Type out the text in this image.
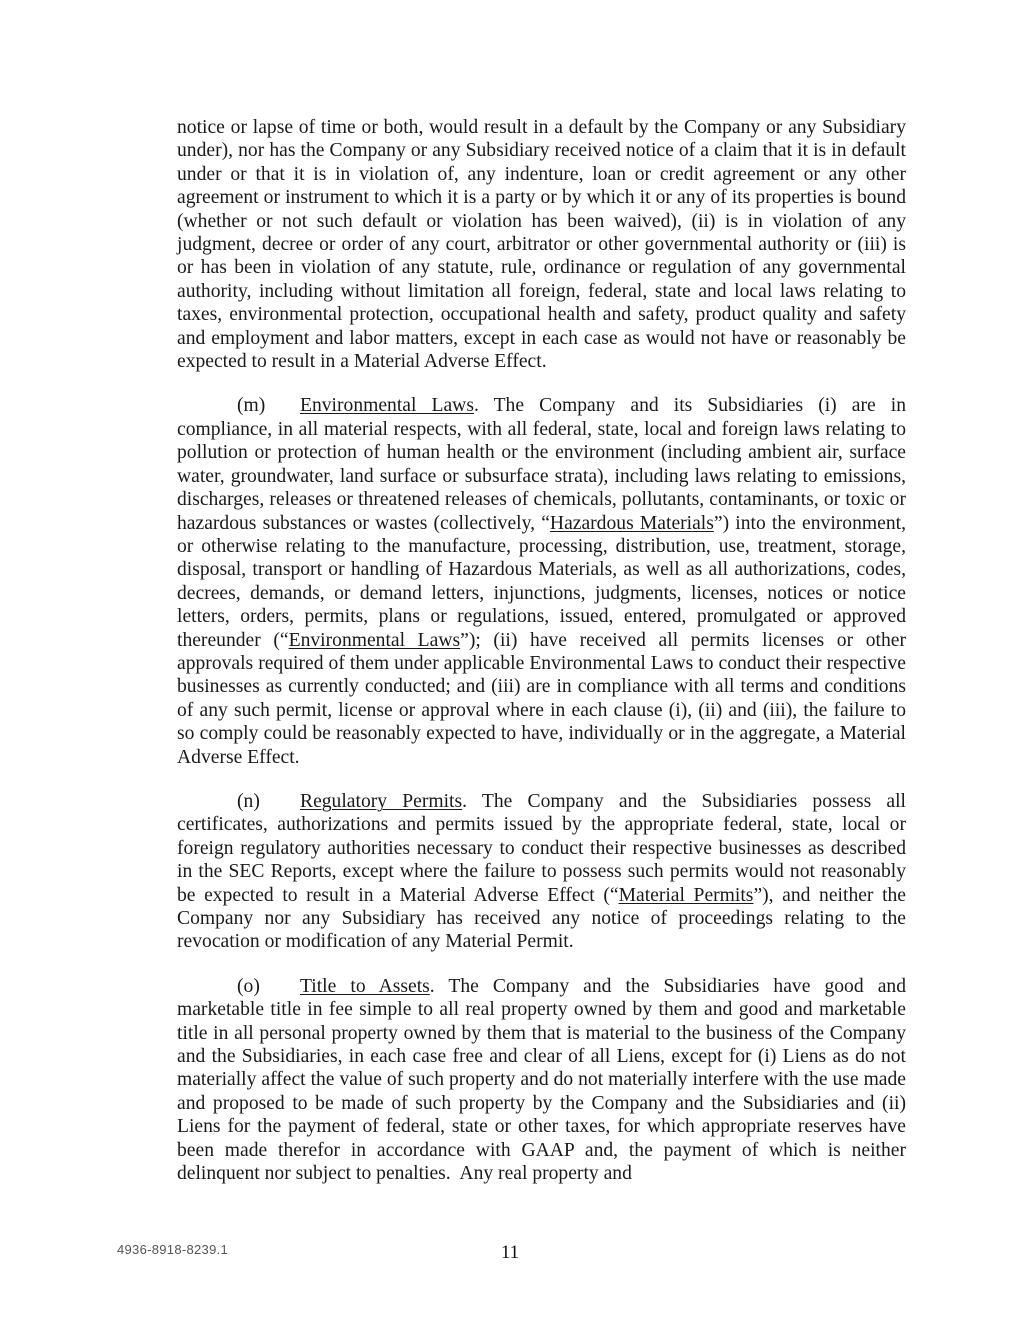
notice or lapse of time or both, would result in a default by the Company or any Subsidiary under), nor has the Company or any Subsidiary received notice of a claim that it is in default under or that it is in violation of, any indenture, loan or credit agreement or any other agreement or instrument to which it is a party or by which it or any of its properties is bound (whether or not such default or violation has been waived), (ii) is in violation of any judgment, decree or order of any court, arbitrator or other governmental authority or (iii) is or has been in violation of any statute, rule, ordinance or regulation of any governmental authority, including without limitation all foreign, federal, state and local laws relating to taxes, environmental protection, occupational health and safety, product quality and safety and employment and labor matters, except in each case as would not have or reasonably be expected to result in a Material Adverse Effect.

(m) Environmental Laws. The Company and its Subsidiaries (i) are in compliance, in all material respects, with all federal, state, local and foreign laws relating to pollution or protection of human health or the environment (including ambient air, surface water, groundwater, land surface or subsurface strata), including laws relating to emissions, discharges, releases or threatened releases of chemicals, pollutants, contaminants, or toxic or hazardous substances or wastes (collectively, “Hazardous Materials”) into the environment, or otherwise relating to the manufacture, processing, distribution, use, treatment, storage, disposal, transport or handling of Hazardous Materials, as well as all authorizations, codes, decrees, demands, or demand letters, injunctions, judgments, licenses, notices or notice letters, orders, permits, plans or regulations, issued, entered, promulgated or approved thereunder (“Environmental Laws”); (ii) have received all permits licenses or other approvals required of them under applicable Environmental Laws to conduct their respective businesses as currently conducted; and (iii) are in compliance with all terms and conditions of any such permit, license or approval where in each clause (i), (ii) and (iii), the failure to so comply could be reasonably expected to have, individually or in the aggregate, a Material Adverse Effect.

(n) Regulatory Permits. The Company and the Subsidiaries possess all certificates, authorizations and permits issued by the appropriate federal, state, local or foreign regulatory authorities necessary to conduct their respective businesses as described in the SEC Reports, except where the failure to possess such permits would not reasonably be expected to result in a Material Adverse Effect (“Material Permits”), and neither the Company nor any Subsidiary has received any notice of proceedings relating to the revocation or modification of any Material Permit.

(o) Title to Assets. The Company and the Subsidiaries have good and marketable title in fee simple to all real property owned by them and good and marketable title in all personal property owned by them that is material to the business of the Company and the Subsidiaries, in each case free and clear of all Liens, except for (i) Liens as do not materially affect the value of such property and do not materially interfere with the use made and proposed to be made of such property by the Company and the Subsidiaries and (ii) Liens for the payment of federal, state or other taxes, for which appropriate reserves have been made therefor in accordance with GAAP and, the payment of which is neither delinquent nor subject to penalties.  Any real property and

4936-8918-8239.1	11
